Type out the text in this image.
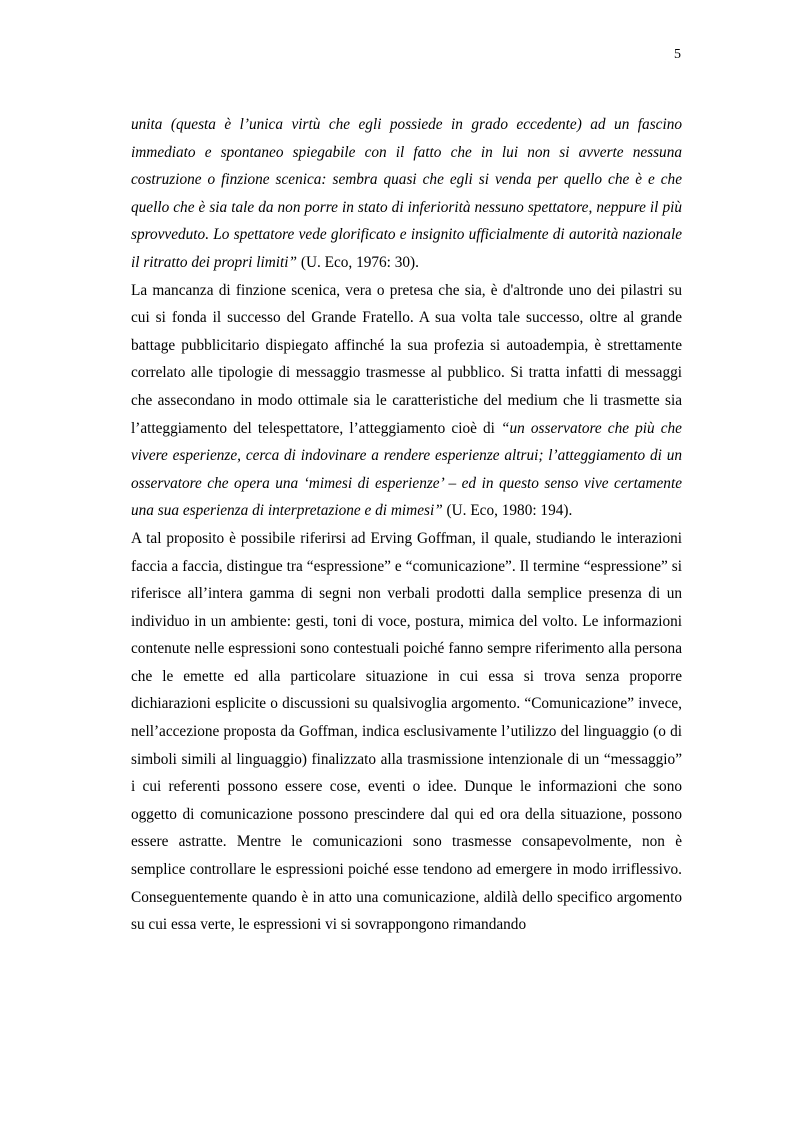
5

unita (questa è l’unica virtù che egli possiede in grado eccedente) ad un fascino immediato e spontaneo spiegabile con il fatto che in lui non si avverte nessuna costruzione o finzione scenica: sembra quasi che egli si venda per quello che è e che quello che è sia tale da non porre in stato di inferiorità nessuno spettatore, neppure il più sprovveduto. Lo spettatore vede glorificato e insignito ufficialmente di autorità nazionale il ritratto dei propri limiti” (U. Eco, 1976: 30).

La mancanza di finzione scenica, vera o pretesa che sia, è d'altronde uno dei pilastri su cui si fonda il successo del Grande Fratello. A sua volta tale successo, oltre al grande battage pubblicitario dispiegato affinché la sua profezia si autoadempia, è strettamente correlato alle tipologie di messaggio trasmesse al pubblico. Si tratta infatti di messaggi che assecondano in modo ottimale sia le caratteristiche del medium che li trasmette sia l’atteggiamento del telespettatore, l’atteggiamento cioè di “un osservatore che più che vivere esperienze, cerca di indovinare a rendere esperienze altrui; l’atteggiamento di un osservatore che opera una ‘mimesi di esperienze’ – ed in questo senso vive certamente una sua esperienza di interpretazione e di mimesi” (U. Eco, 1980: 194).

A tal proposito è possibile riferirsi ad Erving Goffman, il quale, studiando le interazioni faccia a faccia, distingue tra “espressione” e “comunicazione”. Il termine “espressione” si riferisce all’intera gamma di segni non verbali prodotti dalla semplice presenza di un individuo in un ambiente: gesti, toni di voce, postura, mimica del volto. Le informazioni contenute nelle espressioni sono contestuali poiché fanno sempre riferimento alla persona che le emette ed alla particolare situazione in cui essa si trova senza proporre dichiarazioni esplicite o discussioni su qualsivoglia argomento. “Comunicazione” invece, nell’accezione proposta da Goffman, indica esclusivamente l’utilizzo del linguaggio (o di simboli simili al linguaggio) finalizzato alla trasmissione intenzionale di un “messaggio” i cui referenti possono essere cose, eventi o idee. Dunque le informazioni che sono oggetto di comunicazione possono prescindere dal qui ed ora della situazione, possono essere astratte. Mentre le comunicazioni sono trasmesse consapevolmente, non è semplice controllare le espressioni poiché esse tendono ad emergere in modo irriflessivo. Conseguentemente quando è in atto una comunicazione, aldilà dello specifico argomento su cui essa verte, le espressioni vi si sovrappongono rimandando
